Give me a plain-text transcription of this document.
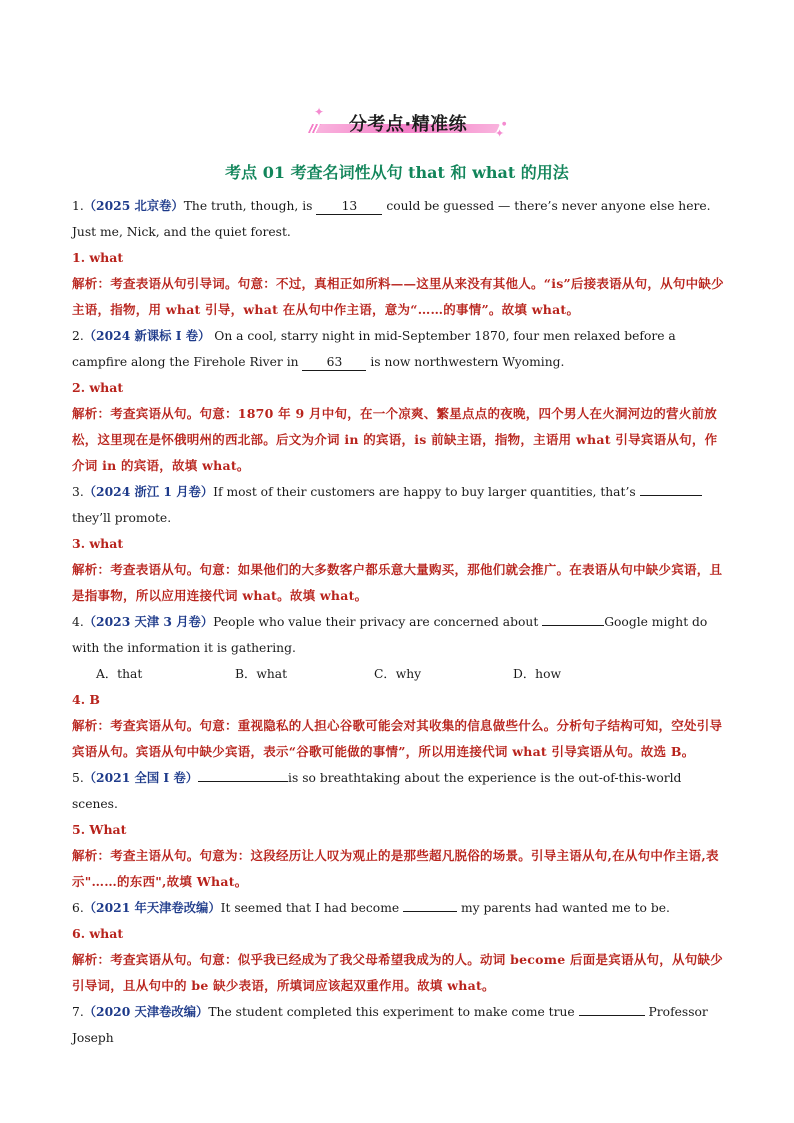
✦
分考点·精准练	✦
●
考点 01 考查名词性从句 that 和 what 的用法

1.（2025 北京卷）The truth, though, is 13 could be guessed — there’s never anyone else here. Just me, Nick, and the quiet forest.

1. what

解析：考查表语从句引导词。句意：不过，真相正如所料——这里从来没有其他人。“is”后接表语从句，从句中缺少主语，指物，用 what 引导，what 在从句中作主语，意为“……的事情”。故填 what。

2.（2024 新课标 I 卷） On a cool, starry night in mid-September 1870, four men relaxed before a campfire along the Firehole River in 63 is now northwestern Wyoming.

2. what

解析：考查宾语从句。句意：1870 年 9 月中旬，在一个凉爽、繁星点点的夜晚，四个男人在火洞河边的营火前放松，这里现在是怀俄明州的西北部。后文为介词 in 的宾语，is 前缺主语，指物，主语用 what 引导宾语从句，作介词 in 的宾语，故填 what。

3.（2024 浙江 1 月卷）If most of their customers are happy to buy larger quantities, that’s  they’ll promote.

3. what

解析：考查表语从句。句意：如果他们的大多数客户都乐意大量购买，那他们就会推广。在表语从句中缺少宾语，且是指事物，所以应用连接代词 what。故填 what。

4.（2023 天津 3 月卷）People who value their privacy are concerned about	Google might do with the information it is gathering.

A．that	B．what	C．why	D．how

4. B

解析：考查宾语从句。句意：重视隐私的人担心谷歌可能会对其收集的信息做些什么。分析句子结构可知，空处引导宾语从句。宾语从句中缺少宾语，表示“谷歌可能做的事情”，所以用连接代词 what 引导宾语从句。故选 B。

5.（2021 全国 I 卷）	is so breathtaking about the experience is the out-of-this-world scenes.

5. What

解析：考查主语从句。句意为：这段经历让人叹为观止的是那些超凡脱俗的场景。引导主语从句,在从句中作主语,表示"……的东西",故填 What。

6.（2021 年天津卷改编）It seemed that I had become	my parents had wanted me to be.

6. what

解析：考查宾语从句。句意：似乎我已经成为了我父母希望我成为的人。动词 become 后面是宾语从句，从句缺少引导词，且从句中的 be 缺少表语，所填词应该起双重作用。故填 what。

7.（2020 天津卷改编）The student completed this experiment to make come true	Professor Joseph
